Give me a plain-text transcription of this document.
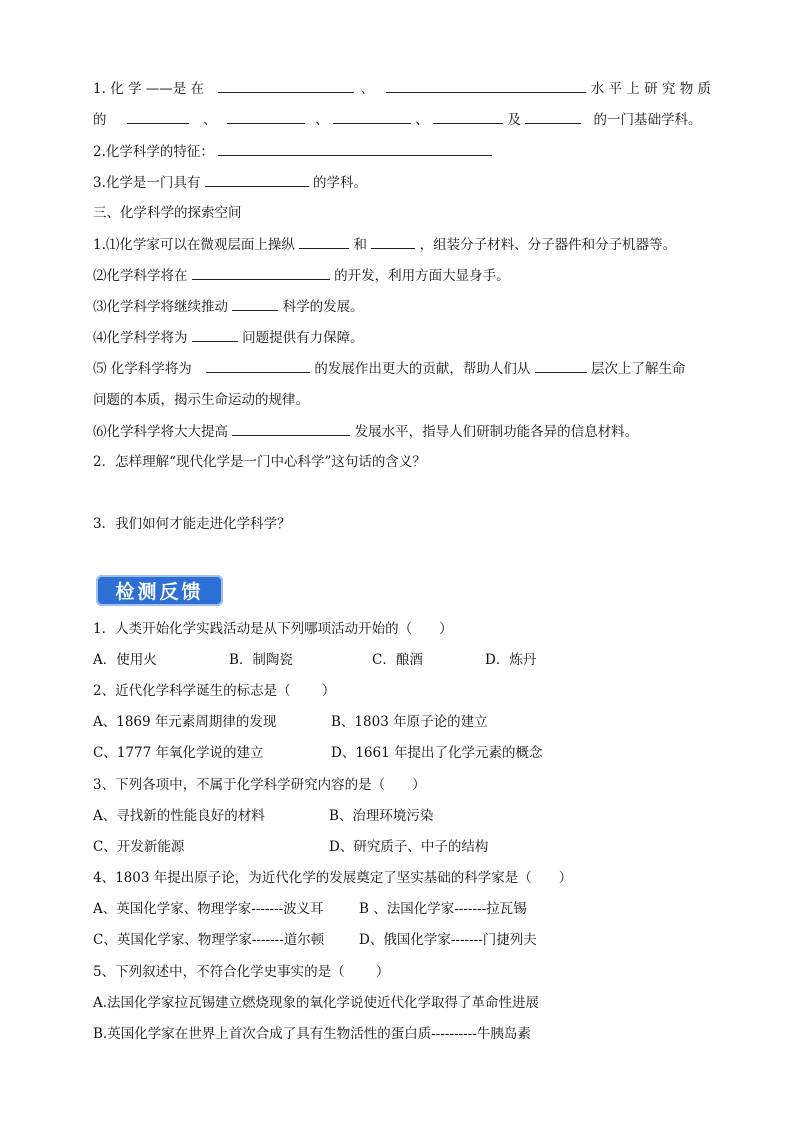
1. 化 学 ——是 在	、	水 平 上 研 究 物 质
的	、	、	、	及	的一门基础学科。
2.化学科学的特征：
3.化学是一门具有	的学科。
三、化学科学的探索空间
1.⑴化学家可以在微观层面上操纵	和	，组装分子材料、分子器件和分子机器等。
⑵化学科学将在	的开发，利用方面大显身手。
⑶化学科学将继续推动	科学的发展。
⑷化学科学将为	问题提供有力保障。
⑸ 化学科学将为	的发展作出更大的贡献，帮助人们从	层次上了解生命
问题的本质，揭示生命运动的规律。
⑹化学科学将大大提高	发展水平，指导人们研制功能各异的信息材料。
2．怎样理解“现代化学是一门中心科学”这句话的含义？
3．我们如何才能走进化学科学？
检测反馈
1．人类开始化学实践活动是从下列哪项活动开始的（　　）
A．使用火	B．制陶瓷	C．酿酒	D．炼丹
2、近代化学科学诞生的标志是（　　 ）
A、1869 年元素周期律的发现	B、1803 年原子论的建立
C、1777 年氧化学说的建立	D、1661 年提出了化学元素的概念
3、下列各项中，不属于化学科学研究内容的是（　　）
A、寻找新的性能良好的材料	B、治理环境污染
C、开发新能源	D、研究质子、中子的结构
4、1803 年提出原子论，为近代化学的发展奠定了坚实基础的科学家是（　　）
A、英国化学家、物理学家-------波义耳	B 、法国化学家-------拉瓦锡
C、英国化学家、物理学家-------道尔顿	D、俄国化学家-------门捷列夫
5、下列叙述中，不符合化学史事实的是（　　 ）
A.法国化学家拉瓦锡建立燃烧现象的氧化学说使近代化学取得了革命性进展
B.英国化学家在世界上首次合成了具有生物活性的蛋白质----------牛胰岛素
